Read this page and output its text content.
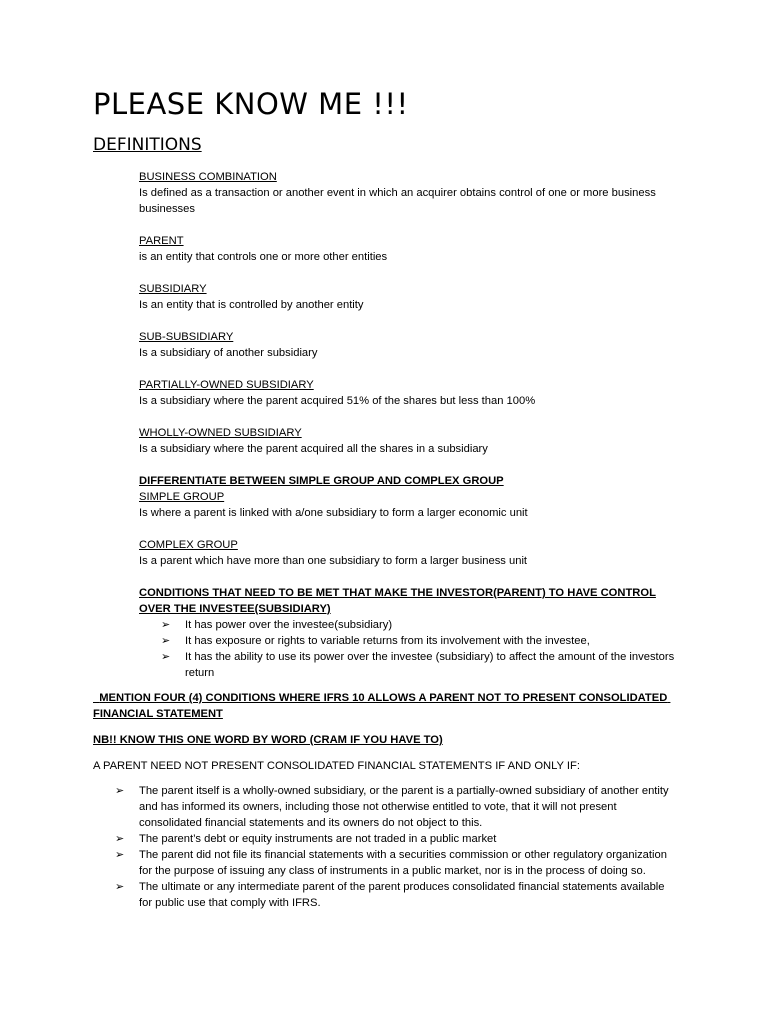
PLEASE KNOW ME !!!
DEFINITIONS
BUSINESS COMBINATION
Is defined as a transaction or another event in which an acquirer obtains control of one or more business businesses
PARENT
is an entity that controls one or more other entities
SUBSIDIARY
Is an entity that is controlled by another entity
SUB-SUBSIDIARY
Is a subsidiary of another subsidiary
PARTIALLY-OWNED SUBSIDIARY
Is a subsidiary where the parent acquired 51% of the shares but less than 100%
WHOLLY-OWNED SUBSIDIARY
Is a subsidiary where the parent acquired all the shares in a subsidiary
DIFFERENTIATE BETWEEN SIMPLE GROUP AND COMPLEX GROUP
SIMPLE GROUP
Is where a parent is linked with a/one subsidiary to form a larger economic unit
COMPLEX GROUP
Is a parent which have more than one subsidiary to form a larger business unit
CONDITIONS THAT NEED TO BE MET THAT MAKE THE INVESTOR(PARENT) TO HAVE CONTROL OVER THE INVESTEE(SUBSIDIARY)
➢ It has power over the investee(subsidiary)
➢ It has exposure or rights to variable returns from its involvement with the investee,
➢ It has the ability to use its power over the investee (subsidiary) to affect the amount of the investors return
MENTION FOUR (4) CONDITIONS WHERE IFRS 10 ALLOWS A PARENT NOT TO PRESENT CONSOLIDATED FINANCIAL STATEMENT
NB!! KNOW THIS ONE WORD BY WORD (CRAM IF YOU HAVE TO)
A PARENT NEED NOT PRESENT CONSOLIDATED FINANCIAL STATEMENTS IF AND ONLY IF:
➢ The parent itself is a wholly-owned subsidiary, or the parent is a partially-owned subsidiary of another entity and has informed its owners, including those not otherwise entitled to vote, that it will not present consolidated financial statements and its owners do not object to this.
➢ The parent’s debt or equity instruments are not traded in a public market
➢ The parent did not file its financial statements with a securities commission or other regulatory organization for the purpose of issuing any class of instruments in a public market, nor is in the process of doing so.
➢ The ultimate or any intermediate parent of the parent produces consolidated financial statements available for public use that comply with IFRS.
